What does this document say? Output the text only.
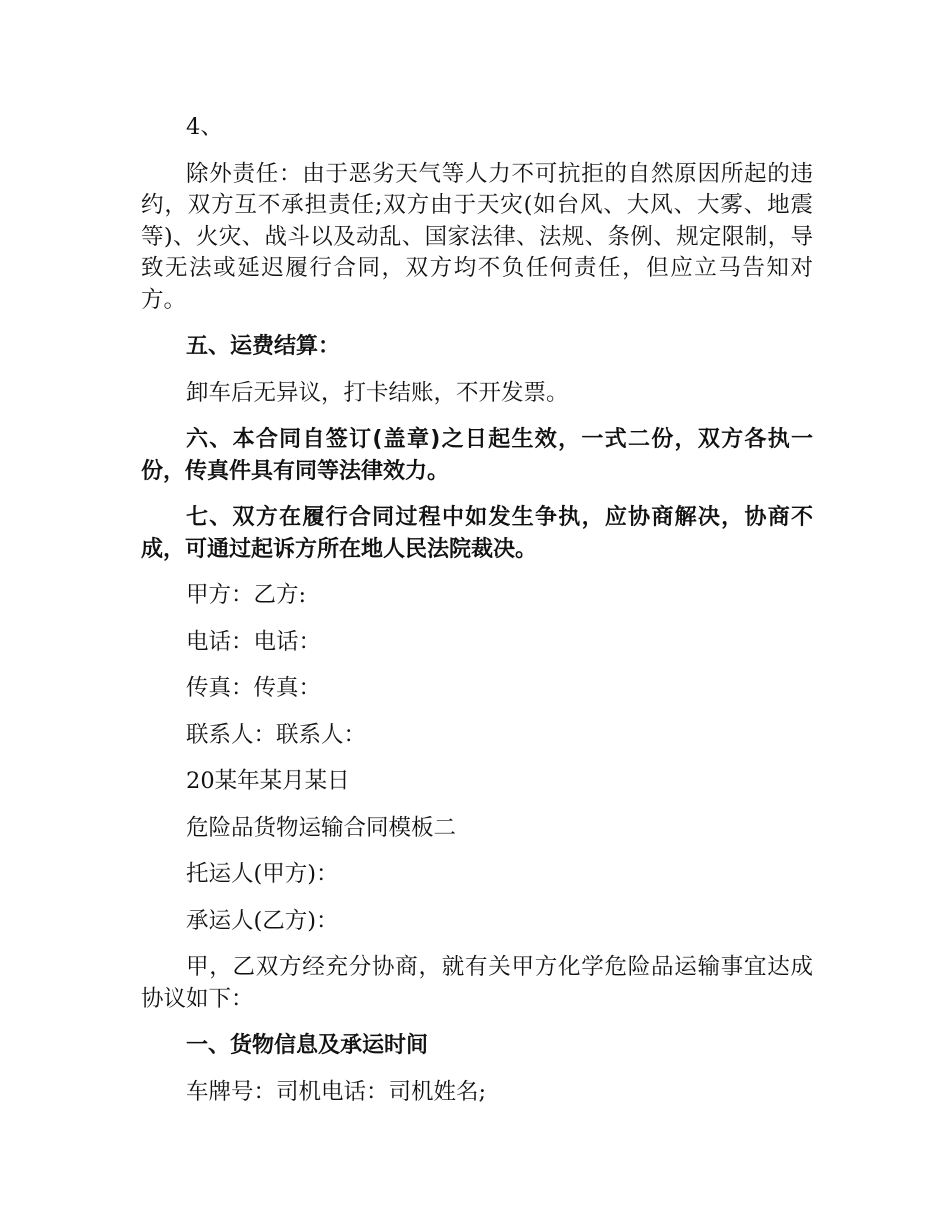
4、

除外责任：由于恶劣天气等人力不可抗拒的自然原因所起的违约，双方互不承担责任;双方由于天灾(如台风、大风、大雾、地震等)、火灾、战斗以及动乱、国家法律、法规、条例、规定限制，导致无法或延迟履行合同，双方均不负任何责任，但应立马告知对方。

五、运费结算：

卸车后无异议，打卡结账，不开发票。

六、本合同自签订(盖章)之日起生效，一式二份，双方各执一份，传真件具有同等法律效力。

七、双方在履行合同过程中如发生争执，应协商解决，协商不成，可通过起诉方所在地人民法院裁决。

甲方：乙方:

电话：电话：

传真：传真：

联系人：联系人：

20某年某月某日

危险品货物运输合同模板二

托运人(甲方)：

承运人(乙方)：

甲，乙双方经充分协商，就有关甲方化学危险品运输事宜达成协议如下：

一、货物信息及承运时间

车牌号：司机电话：司机姓名;
